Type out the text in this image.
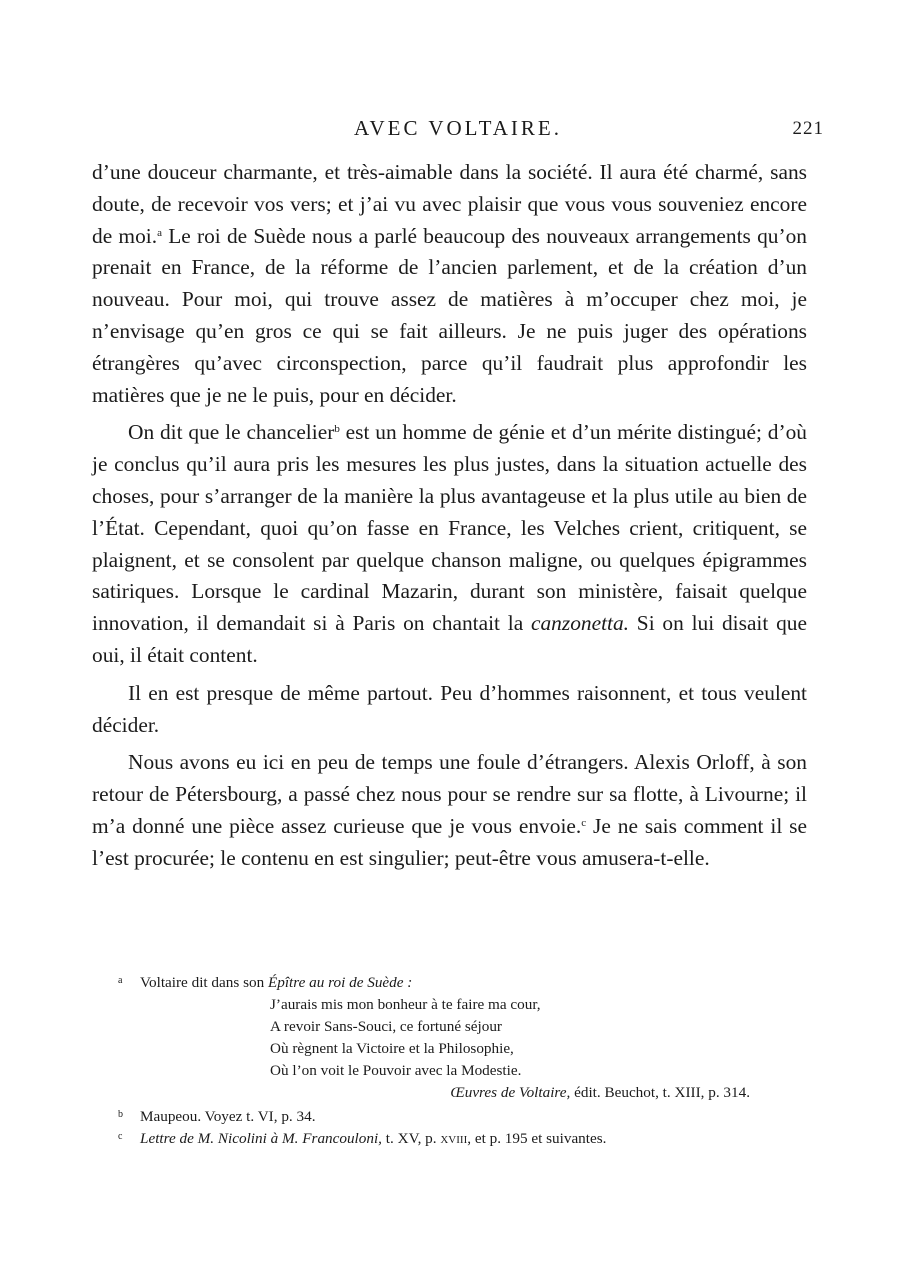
AVEC VOLTAIRE.	221

d’une douceur charmante, et très-aimable dans la société. Il aura été charmé, sans doute, de recevoir vos vers; et j’ai vu avec plaisir que vous vous souveniez encore de moi.$^a$ Le roi de Suède nous a parlé beaucoup des nouveaux arrangements qu’on prenait en France, de la réforme de l’ancien parlement, et de la création d’un nouveau. Pour moi, qui trouve assez de matières à m’occuper chez moi, je n’envisage qu’en gros ce qui se fait ailleurs. Je ne puis juger des opérations étrangères qu’avec circonspection, parce qu’il faudrait plus approfondir les matières que je ne le puis, pour en décider.

On dit que le chancelier$^b$ est un homme de génie et d’un mérite distingué; d’où je conclus qu’il aura pris les mesures les plus justes, dans la situation actuelle des choses, pour s’arranger de la manière la plus avantageuse et la plus utile au bien de l’État. Cependant, quoi qu’on fasse en France, les Velches crient, critiquent, se plaignent, et se consolent par quelque chanson maligne, ou quelques épigrammes satiriques. Lorsque le cardinal Mazarin, durant son ministère, faisait quelque innovation, il demandait si à Paris on chantait la canzonetta. Si on lui disait que oui, il était content.

Il en est presque de même partout. Peu d’hommes raisonnent, et tous veulent décider.

Nous avons eu ici en peu de temps une foule d’étrangers. Alexis Orloff, à son retour de Pétersbourg, a passé chez nous pour se rendre sur sa flotte, à Livourne; il m’a donné une pièce assez curieuse que je vous envoie.$^c$ Je ne sais comment il se l’est procurée; le contenu en est singulier; peut-être vous amusera-t-elle.

a Voltaire dit dans son Épître au roi de Suède :
J’aurais mis mon bonheur à te faire ma cour,
A revoir Sans-Souci, ce fortuné séjour
Où règnent la Victoire et la Philosophie,
Où l’on voit le Pouvoir avec la Modestie.
Œuvres de Voltaire, édit. Beuchot, t. XIII, p. 314.
b Maupeou. Voyez t. VI, p. 34.
c Lettre de M. Nicolini à M. Francouloni, t. XV, p. xviii, et p. 195 et suivantes.
